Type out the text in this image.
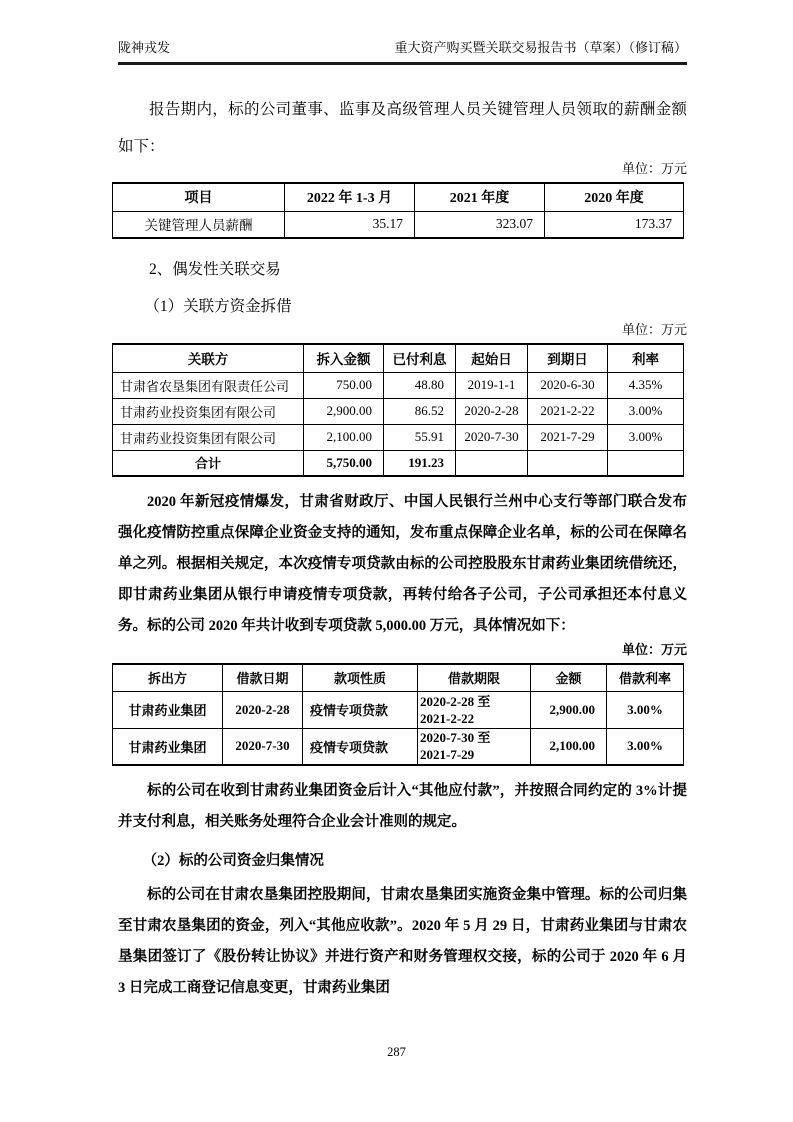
陇神戎发	重大资产购买暨关联交易报告书（草案）（修订稿）

报告期内，标的公司董事、监事及高级管理人员关键管理人员领取的薪酬金额如下：

单位：万元

项目	2022 年 1-3 月	2021 年度	2020 年度
关键管理人员薪酬	35.17	323.07	173.37

2、偶发性关联交易

（1）关联方资金拆借

单位：万元

关联方	拆入金额	已付利息	起始日	到期日	利率
甘肃省农垦集团有限责任公司	750.00	48.80	2019-1-1	2020-6-30	4.35%
甘肃药业投资集团有限公司	2,900.00	86.52	2020-2-28	2021-2-22	3.00%
甘肃药业投资集团有限公司	2,100.00	55.91	2020-7-30	2021-7-29	3.00%
合计	5,750.00	191.23			

2020 年新冠疫情爆发，甘肃省财政厅、中国人民银行兰州中心支行等部门联合发布强化疫情防控重点保障企业资金支持的通知，发布重点保障企业名单，标的公司在保障名单之列。根据相关规定，本次疫情专项贷款由标的公司控股股东甘肃药业集团统借统还，即甘肃药业集团从银行申请疫情专项贷款，再转付给各子公司，子公司承担还本付息义务。标的公司 2020 年共计收到专项贷款 5,000.00 万元，具体情况如下：

单位：万元

拆出方	借款日期	款项性质	借款期限	金额	借款利率
甘肃药业集团	2020-2-28	疫情专项贷款	2020-2-28 至
2021-2-22	2,900.00	3.00%
甘肃药业集团	2020-7-30	疫情专项贷款	2020-7-30 至
2021-7-29	2,100.00	3.00%

标的公司在收到甘肃药业集团资金后计入“其他应付款”，并按照合同约定的 3%计提并支付利息，相关账务处理符合企业会计准则的规定。

（2）标的公司资金归集情况

标的公司在甘肃农垦集团控股期间，甘肃农垦集团实施资金集中管理。标的公司归集至甘肃农垦集团的资金，列入“其他应收款”。2020 年 5 月 29 日，甘肃药业集团与甘肃农垦集团签订了《股份转让协议》并进行资产和财务管理权交接，标的公司于 2020 年 6 月 3 日完成工商登记信息变更，甘肃药业集团

287
